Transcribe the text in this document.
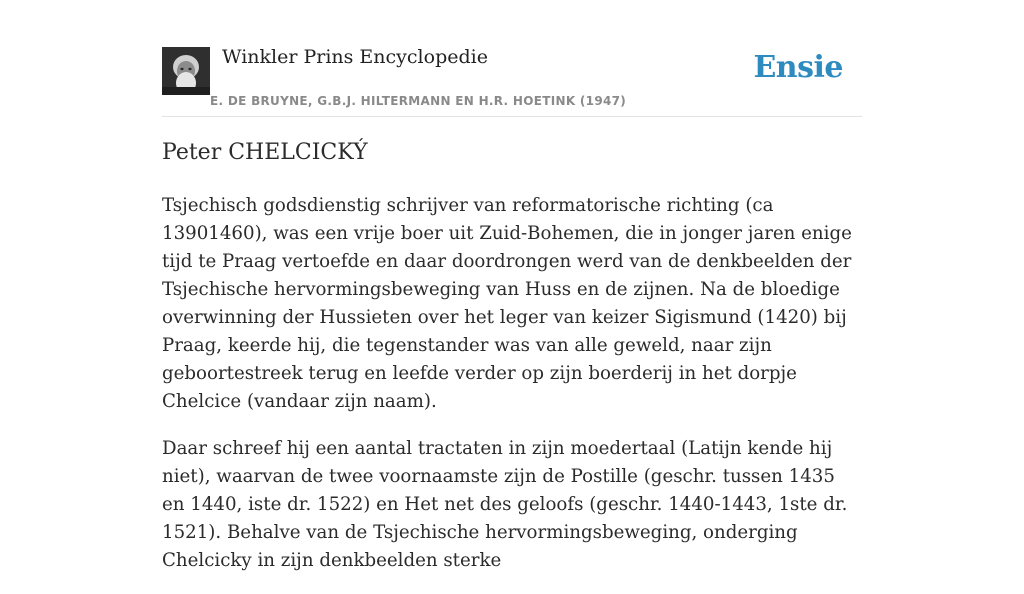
Winkler Prins Encyclopedie
E. DE BRUYNE, G.B.J. HILTERMANN EN H.R. HOETINK (1947)
Ensie
Peter CHELCICKÝ

Tsjechisch godsdienstig schrijver van reformatorische richting (ca 13901460), was een vrije boer uit Zuid-Bohemen, die in jonger jaren enige tijd te Praag vertoefde en daar doordrongen werd van de denkbeelden der Tsjechische hervormingsbeweging van Huss en de zijnen. Na de bloedige overwinning der Hussieten over het leger van keizer Sigismund (1420) bij Praag, keerde hij, die tegenstander was van alle geweld, naar zijn geboortestreek terug en leefde verder op zijn boerderij in het dorpje Chelcice (vandaar zijn naam).

Daar schreef hij een aantal tractaten in zijn moedertaal (Latijn kende hij niet), waarvan de twee voornaamste zijn de Postille (geschr. tussen 1435 en 1440, iste dr. 1522) en Het net des geloofs (geschr. 1440-1443, 1ste dr. 1521). Behalve van de Tsjechische hervormingsbeweging, onderging Chelcicky in zijn denkbeelden sterke
